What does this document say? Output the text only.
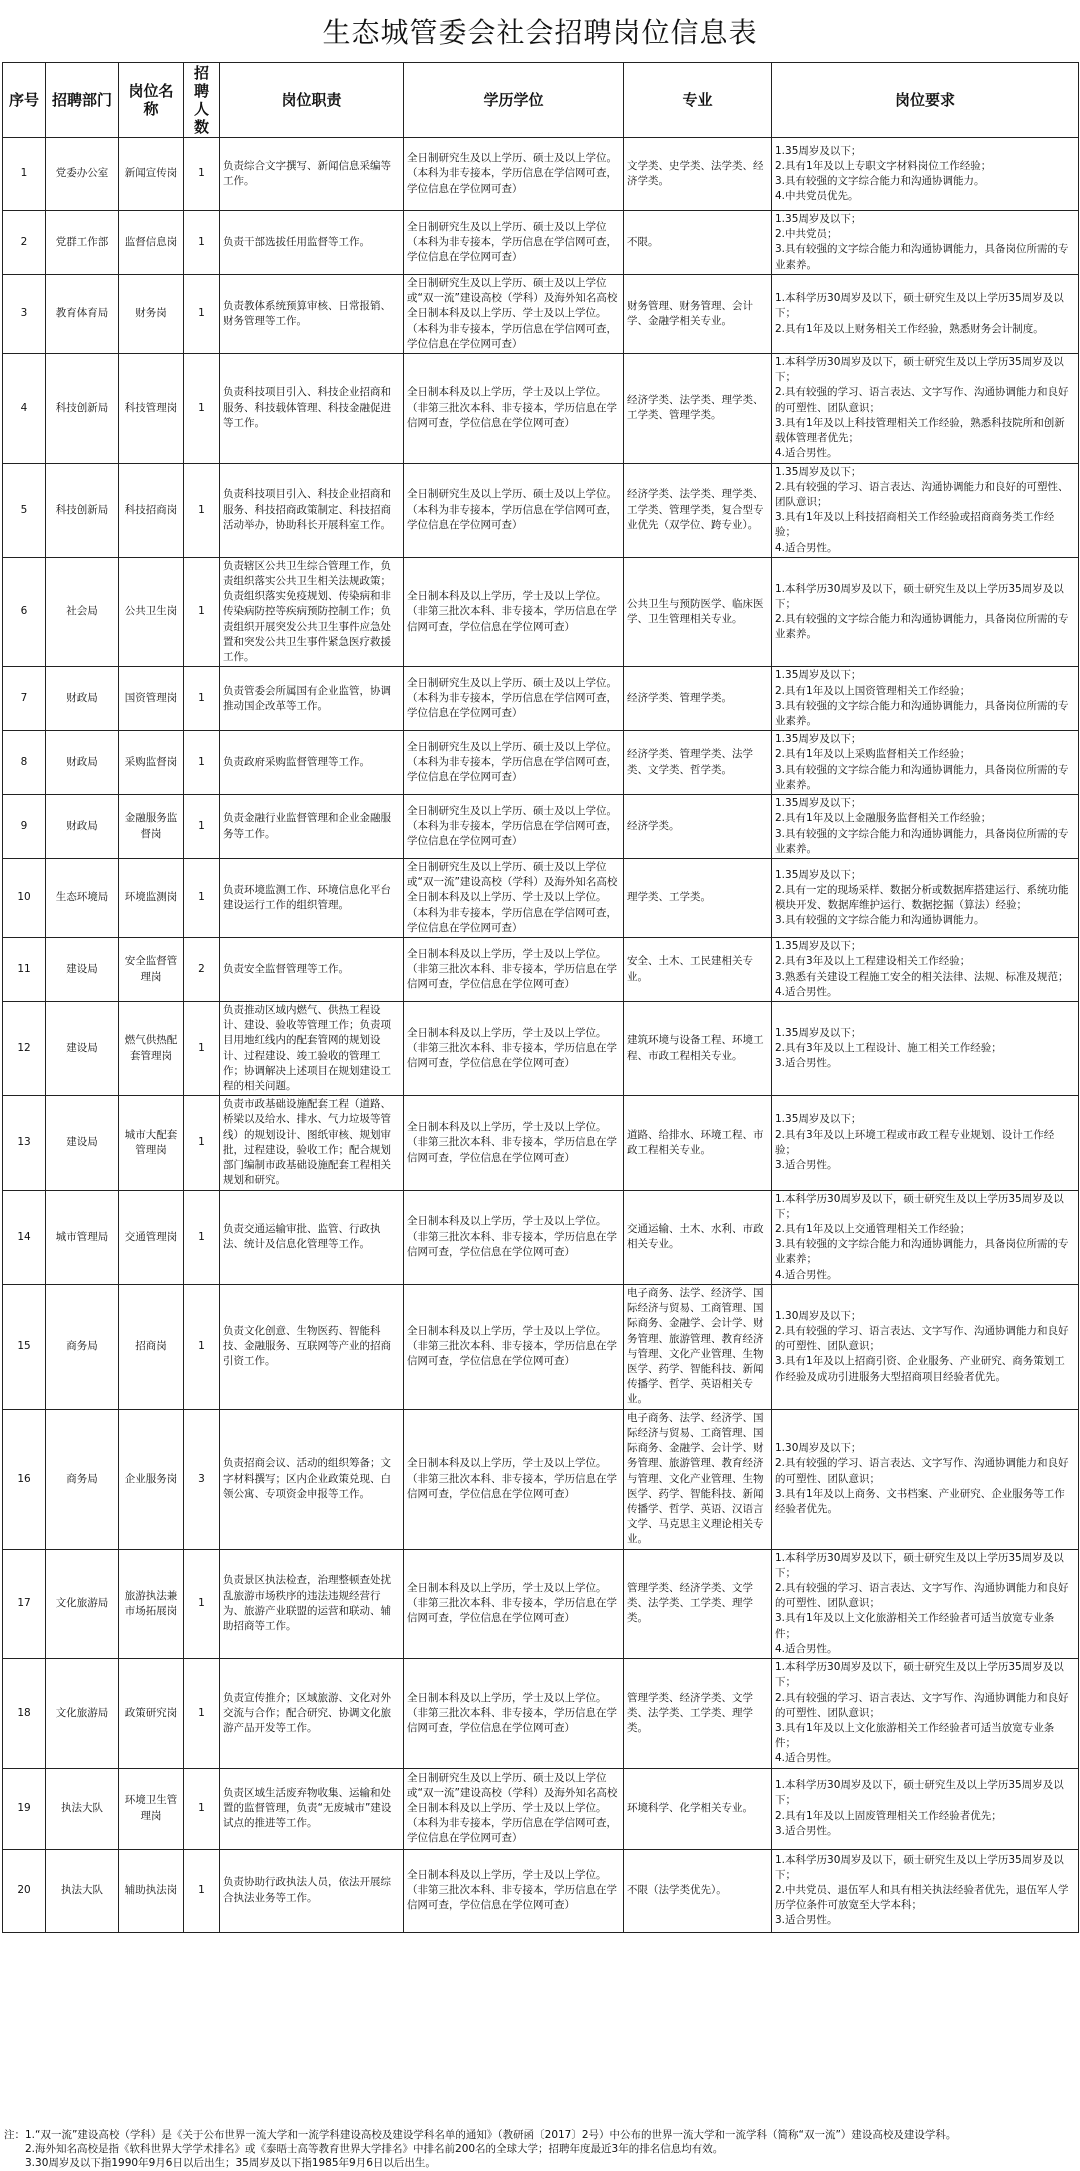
生态城管委会社会招聘岗位信息表
序号	招聘部门	岗位名称	招聘人数	岗位职责	学历学位	专业	岗位要求
1	党委办公室	新闻宣传岗	1	负责综合文字撰写、新闻信息采编等工作。	全日制研究生及以上学历、硕士及以上学位。（本科为非专接本，学历信息在学信网可查，学位信息在学位网可查）	文学类、史学类、法学类、经济学类。	1.35周岁及以下；
2.具有1年及以上专职文字材料岗位工作经验；
3.具有较强的文字综合能力和沟通协调能力。
4.中共党员优先。

2	党群工作部	监督信息岗	1	负责干部选拔任用监督等工作。	全日制研究生及以上学历、硕士及以上学位（本科为非专接本，学历信息在学信网可查，学位信息在学位网可查）	不限。	1.35周岁及以下；
2.中共党员；
3.具有较强的文字综合能力和沟通协调能力，具备岗位所需的专业素养。

3	教育体育局	财务岗	1	负责教体系统预算审核、日常报销、财务管理等工作。	全日制研究生及以上学历、硕士及以上学位或“双一流”建设高校（学科）及海外知名高校全日制本科及以上学历、学士及以上学位。（本科为非专接本，学历信息在学信网可查，学位信息在学位网可查）	财务管理、财务管理、会计学、金融学相关专业。	1.本科学历30周岁及以下，硕士研究生及以上学历35周岁及以下；
2.具有1年及以上财务相关工作经验，熟悉财务会计制度。

4	科技创新局	科技管理岗	1	负责科技项目引入、科技企业招商和服务、科技载体管理、科技金融促进等工作。	全日制本科及以上学历，学士及以上学位。（非第三批次本科、非专接本，学历信息在学信网可查，学位信息在学位网可查）	经济学类、法学类、理学类、工学类、管理学类。	1.本科学历30周岁及以下，硕士研究生及以上学历35周岁及以下；
2.具有较强的学习、语言表达、文字写作、沟通协调能力和良好的可塑性、团队意识；
3.具有1年及以上科技管理相关工作经验，熟悉科技院所和创新载体管理者优先；
4.适合男性。

5	科技创新局	科技招商岗	1	负责科技项目引入、科技企业招商和服务、科技招商政策制定、科技招商活动举办，协助科长开展科室工作。	全日制研究生及以上学历、硕士及以上学位。（本科为非专接本，学历信息在学信网可查，学位信息在学位网可查）	经济学类、法学类、理学类、工学类、管理学类，复合型专业优先（双学位、跨专业）。	1.35周岁及以下；
2.具有较强的学习、语言表达、沟通协调能力和良好的可塑性、团队意识；
3.具有1年及以上科技招商相关工作经验或招商商务类工作经验；
4.适合男性。

6	社会局	公共卫生岗	1	负责辖区公共卫生综合管理工作，负责组织落实公共卫生相关法规政策；负责组织落实免疫规划、传染病和非传染病防控等疾病预防控制工作；负责组织开展突发公共卫生事件应急处置和突发公共卫生事件紧急医疗救援工作。	全日制本科及以上学历，学士及以上学位。（非第三批次本科、非专接本，学历信息在学信网可查，学位信息在学位网可查）	公共卫生与预防医学、临床医学、卫生管理相关专业。	1.本科学历30周岁及以下，硕士研究生及以上学历35周岁及以下；
2.具有较强的文字综合能力和沟通协调能力，具备岗位所需的专业素养。

7	财政局	国资管理岗	1	负责管委会所属国有企业监管，协调推动国企改革等工作。	全日制研究生及以上学历、硕士及以上学位。（本科为非专接本，学历信息在学信网可查，学位信息在学位网可查）	经济学类、管理学类。	1.35周岁及以下；
2.具有1年及以上国资管理相关工作经验；
3.具有较强的文字综合能力和沟通协调能力，具备岗位所需的专业素养。

8	财政局	采购监督岗	1	负责政府采购监督管理等工作。	全日制研究生及以上学历、硕士及以上学位。（本科为非专接本，学历信息在学信网可查，学位信息在学位网可查）	经济学类、管理学类、法学类、文学类、哲学类。	1.35周岁及以下；
2.具有1年及以上采购监督相关工作经验；
3.具有较强的文字综合能力和沟通协调能力，具备岗位所需的专业素养。

9	财政局	金融服务监督岗	1	负责金融行业监督管理和企业金融服务等工作。	全日制研究生及以上学历、硕士及以上学位。（本科为非专接本，学历信息在学信网可查，学位信息在学位网可查）	经济学类。	1.35周岁及以下；
2.具有1年及以上金融服务监督相关工作经验；
3.具有较强的文字综合能力和沟通协调能力，具备岗位所需的专业素养。

10	生态环境局	环境监测岗	1	负责环境监测工作、环境信息化平台建设运行工作的组织管理。	全日制研究生及以上学历、硕士及以上学位或“双一流”建设高校（学科）及海外知名高校全日制本科及以上学历、学士及以上学位。（本科为非专接本，学历信息在学信网可查，学位信息在学位网可查）	理学类、工学类。	1.35周岁及以下；
2.具有一定的现场采样、数据分析或数据库搭建运行、系统功能模块开发、数据库维护运行、数据挖掘（算法）经验；
3.具有较强的文字综合能力和沟通协调能力。

11	建设局	安全监督管理岗	2	负责安全监督管理等工作。	全日制本科及以上学历，学士及以上学位。（非第三批次本科、非专接本，学历信息在学信网可查，学位信息在学位网可查）	安全、土木、工民建相关专业。	1.35周岁及以下；
2.具有3年及以上工程建设相关工作经验；
3.熟悉有关建设工程施工安全的相关法律、法规、标准及规范；
4.适合男性。

12	建设局	燃气供热配套管理岗	1	负责推动区域内燃气、供热工程设计、建设、验收等管理工作；负责项目用地红线内的配套管网的规划设计、过程建设、竣工验收的管理工作；协调解决上述项目在规划建设工程的相关问题。	全日制本科及以上学历，学士及以上学位。（非第三批次本科、非专接本，学历信息在学信网可查，学位信息在学位网可查）	建筑环境与设备工程、环境工程、市政工程相关专业。	1.35周岁及以下；
2.具有3年及以上工程设计、施工相关工作经验；
3.适合男性。

13	建设局	城市大配套管理岗	1	负责市政基础设施配套工程（道路、桥梁以及给水、排水、气力垃圾等管线）的规划设计、图纸审核、规划审批，过程建设，验收工作；配合规划部门编制市政基础设施配套工程相关规划和研究。	全日制本科及以上学历，学士及以上学位。（非第三批次本科、非专接本，学历信息在学信网可查，学位信息在学位网可查）	道路、给排水、环境工程、市政工程相关专业。	1.35周岁及以下；
2.具有3年及以上环境工程或市政工程专业规划、设计工作经验；
3.适合男性。

14	城市管理局	交通管理岗	1	负责交通运输审批、监管、行政执法、统计及信息化管理等工作。	全日制本科及以上学历，学士及以上学位。（非第三批次本科、非专接本，学历信息在学信网可查，学位信息在学位网可查）	交通运输、土木、水利、市政相关专业。	1.本科学历30周岁及以下，硕士研究生及以上学历35周岁及以下；
2.具有1年及以上交通管理相关工作经验；
3.具有较强的文字综合能力和沟通协调能力，具备岗位所需的专业素养；
4.适合男性。

15	商务局	招商岗	1	负责文化创意、生物医药、智能科技、金融服务、互联网等产业的招商引资工作。	全日制本科及以上学历，学士及以上学位。（非第三批次本科、非专接本，学历信息在学信网可查，学位信息在学位网可查）	电子商务、法学、经济学、国际经济与贸易、工商管理、国际商务、金融学、会计学、财务管理、旅游管理、教育经济与管理、文化产业管理、生物医学、药学、智能科技、新闻传播学、哲学、英语相关专业。	1.30周岁及以下；
2.具有较强的学习、语言表达、文字写作、沟通协调能力和良好的可塑性、团队意识；
3.具有1年及以上招商引资、企业服务、产业研究、商务策划工作经验及成功引进服务大型招商项目经验者优先。

16	商务局	企业服务岗	3	负责招商会议、活动的组织筹备；文字材料撰写；区内企业政策兑现、白领公寓、专项资金申报等工作。	全日制本科及以上学历，学士及以上学位。（非第三批次本科、非专接本，学历信息在学信网可查，学位信息在学位网可查）	电子商务、法学、经济学、国际经济与贸易、工商管理、国际商务、金融学、会计学、财务管理、旅游管理、教育经济与管理、文化产业管理、生物医学、药学、智能科技、新闻传播学、哲学、英语、汉语言文学、马克思主义理论相关专业。	1.30周岁及以下；
2.具有较强的学习、语言表达、文字写作、沟通协调能力和良好的可塑性、团队意识；
3.具有1年及以上商务、文书档案、产业研究、企业服务等工作经验者优先。

17	文化旅游局	旅游执法兼市场拓展岗	1	负责景区执法检查，治理整顿查处扰乱旅游市场秩序的违法违规经营行为、旅游产业联盟的运营和联动、辅助招商等工作。	全日制本科及以上学历，学士及以上学位。（非第三批次本科、非专接本，学历信息在学信网可查，学位信息在学位网可查）	管理学类、经济学类、文学类、法学类、工学类、理学类。	1.本科学历30周岁及以下，硕士研究生及以上学历35周岁及以下；
2.具有较强的学习、语言表达、文字写作、沟通协调能力和良好的可塑性、团队意识；
3.具有1年及以上文化旅游相关工作经验者可适当放宽专业条件；
4.适合男性。

18	文化旅游局	政策研究岗	1	负责宣传推介；区域旅游、文化对外交流与合作；配合研究、协调文化旅游产品开发等工作。	全日制本科及以上学历，学士及以上学位。（非第三批次本科、非专接本，学历信息在学信网可查，学位信息在学位网可查）	管理学类、经济学类、文学类、法学类、工学类、理学类。	1.本科学历30周岁及以下，硕士研究生及以上学历35周岁及以下；
2.具有较强的学习、语言表达、文字写作、沟通协调能力和良好的可塑性、团队意识；
3.具有1年及以上文化旅游相关工作经验者可适当放宽专业条件；
4.适合男性。

19	执法大队	环境卫生管理岗	1	负责区域生活废弃物收集、运输和处置的监督管理，负责“无废城市”建设试点的推进等工作。	全日制研究生及以上学历、硕士及以上学位或“双一流”建设高校（学科）及海外知名高校全日制本科及以上学历、学士及以上学位。（本科为非专接本，学历信息在学信网可查，学位信息在学位网可查）	环境科学、化学相关专业。	1.本科学历30周岁及以下，硕士研究生及以上学历35周岁及以下；
2.具有1年及以上固废管理相关工作经验者优先；
3.适合男性。

20	执法大队	辅助执法岗	1	负责协助行政执法人员，依法开展综合执法业务等工作。	全日制本科及以上学历，学士及以上学位。（非第三批次本科、非专接本，学历信息在学信网可查，学位信息在学位网可查）	不限（法学类优先）。	1.本科学历30周岁及以下，硕士研究生及以上学历35周岁及以下；
2.中共党员、退伍军人和具有相关执法经验者优先，退伍军人学历学位条件可放宽至大学本科；
3.适合男性。
注：1.“双一流”建设高校（学科）是《关于公布世界一流大学和一流学科建设高校及建设学科名单的通知》（教研函〔2017〕2号）中公布的世界一流大学和一流学科（简称“双一流”）建设高校及建设学科。
　　2.海外知名高校是指《软科世界大学学术排名》或《泰晤士高等教育世界大学排名》中排名前200名的全球大学；招聘年度最近3年的排名信息均有效。
　　3.30周岁及以下指1990年9月6日以后出生；35周岁及以下指1985年9月6日以后出生。
